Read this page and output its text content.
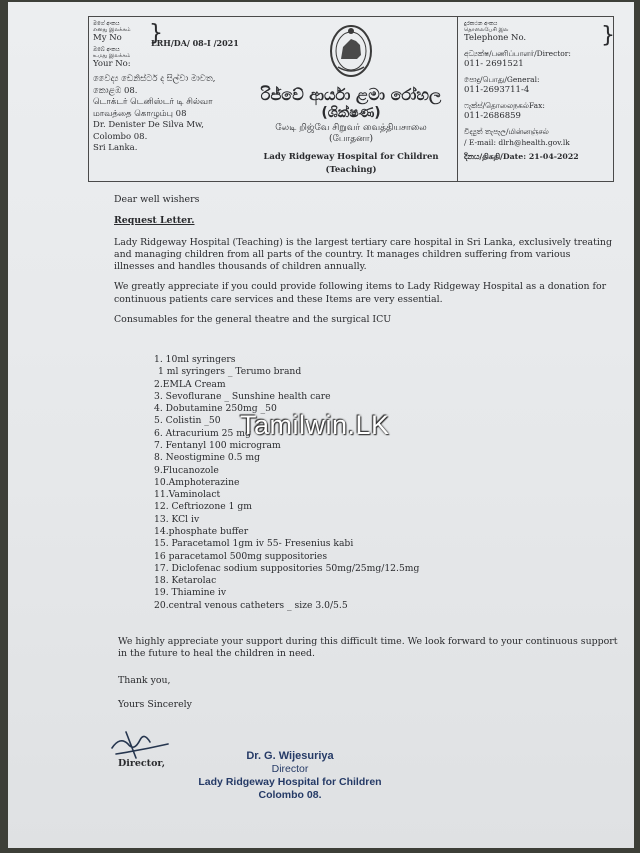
මගේ අංකය
எனது இலக்கம்
My No
ඔබේ අංකය
உமது இலக்கம்
Your No:
වෛද්‍ය ඩෙනිස්ටර් ද සිල්වා මාවත,
කොළඹ 08.
டொக்டர் டெனிஸ்டர் டி சில்வா
மாவத்தை கொழும்பு 08
Dr. Denister De Silva Mw,
Colombo 08.
Sri Lanka.
LRH/DA/ 08-I /2021
}
රිජ්වේ ආර්යා ළමා රෝහල
(ශික්ෂණ)
லேடி றிஜ்வே சிறுவர் வைத்தியசாலை
(போதனா)
Lady Ridgeway Hospital for Children
(Teaching)
දුරකථන අංකය
தொலைபேசி இல
Telephone No.
අධ්‍යක්ෂ/பணிப்பாளர்/Director:
011- 2691521
පොදු/பொது/General:
011-2693711-4
ෆැක්ස්/தொலைநகல்Fax:
011-2686859
විද්‍යුත් තැපෑල/மின்னஞ்சல்
/ E-mail: dlrh@health.gov.lk
දිනය/திகதி/Date: 21-04-2022
}

Dear well wishers

Request Letter.

Lady Ridgeway Hospital (Teaching) is the largest tertiary care hospital in Sri Lanka, exclusively treating and managing children from all parts of the country. It manages children suffering from various illnesses and handles thousands of children annually.

We greatly appreciate if you could provide following items to Lady Ridgeway Hospital as a donation for continuous patients care services and these Items are very essential.

Consumables for the general theatre and the surgical ICU

1. 10ml syringers
1 ml syringers _ Terumo brand
2.EMLA Cream
3. Sevoflurane _ Sunshine health care
4. Dobutamine 250mg _50
5. Colistin _50
6. Atracurium 25 mg
7. Fentanyl 100 microgram
8. Neostigmine 0.5 mg
9.Flucanozole
10.Amphoterazine
11.Vaminolact
12. Ceftriozone 1 gm
13. KCl iv
14.phosphate buffer
15. Paracetamol 1gm iv 55- Fresenius kabi
16 paracetamol 500mg suppositories
17. Diclofenac sodium suppositories 50mg/25mg/12.5mg
18. Ketarolac
19. Thiamine iv
20.central venous catheters _ size 3.0/5.5
Tamilwin.LK

We highly appreciate your support during this difficult time. We look forward to your continuous support in the future to heal the children in need.

Thank you,

Yours Sincerely

Director,
Dr. G. Wijesuriya
Director
Lady Ridgeway Hospital for Children
Colombo 08.
